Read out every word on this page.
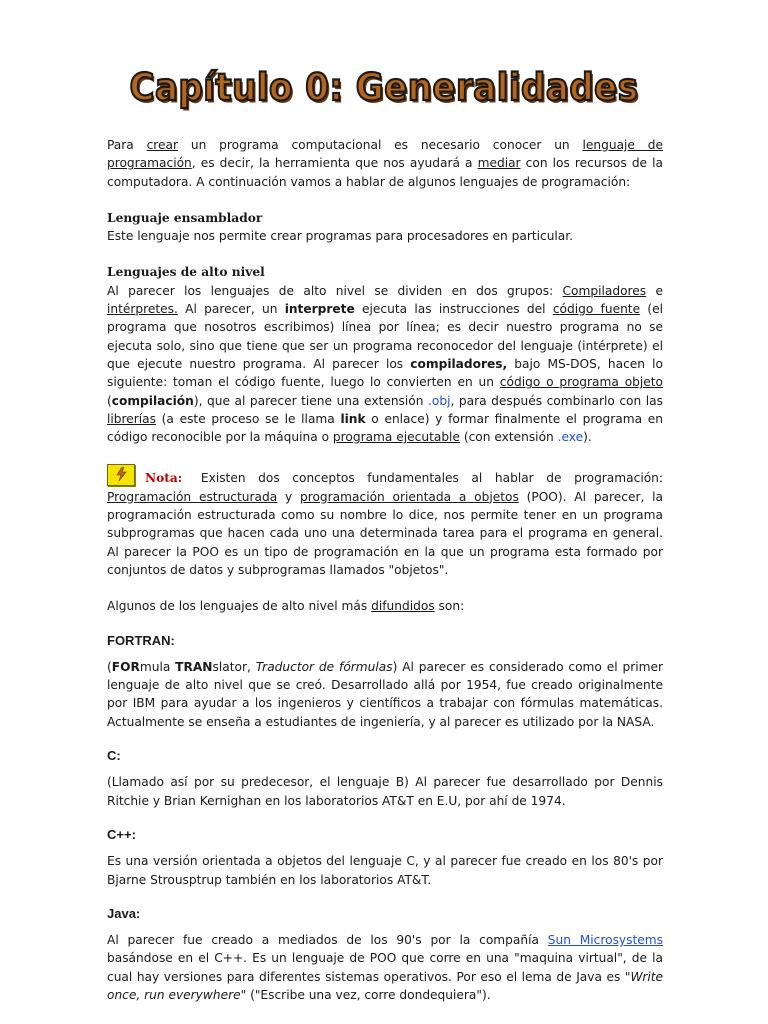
Capítulo 0: Generalidades

Para crear un programa computacional es necesario conocer un lenguaje de programación, es decir, la herramienta que nos ayudará a mediar con los recursos de la computadora. A continuación vamos a hablar de algunos lenguajes de programación:

Lenguaje ensamblador
Este lenguaje nos permite crear programas para procesadores en particular.

Lenguajes de alto nivel
Al parecer los lenguajes de alto nivel se dividen en dos grupos: Compiladores e intérpretes. Al parecer, un interprete ejecuta las instrucciones del código fuente (el programa que nosotros escribimos) línea por línea; es decir nuestro programa no se ejecuta solo, sino que tiene que ser un programa reconocedor del lenguaje (intérprete) el que ejecute nuestro programa. Al parecer los compiladores, bajo MS-DOS, hacen lo siguiente: toman el código fuente, luego lo convierten en un código o programa objeto (compilación), que al parecer tiene una extensión .obj, para después combinarlo con las librerías (a este proceso se le llama link o enlace) y formar finalmente el programa en código reconocible por la máquina o programa ejecutable (con extensión .exe).

Nota: Existen dos conceptos fundamentales al hablar de programación: Programación estructurada y programación orientada a objetos (POO). Al parecer, la programación estructurada como su nombre lo dice, nos permite tener en un programa subprogramas que hacen cada uno una determinada tarea para el programa en general. Al parecer la POO es un tipo de programación en la que un programa esta formado por conjuntos de datos y subprogramas llamados "objetos".

Algunos de los lenguajes de alto nivel más difundidos son:

FORTRAN:

(FORmula TRANslator, Traductor de fórmulas) Al parecer es considerado como el primer lenguaje de alto nivel que se creó. Desarrollado allá por 1954, fue creado originalmente por IBM para ayudar a los ingenieros y científicos a trabajar con fórmulas matemáticas. Actualmente se enseña a estudiantes de ingeniería, y al parecer es utilizado por la NASA.

C:

(Llamado así por su predecesor, el lenguaje B) Al parecer fue desarrollado por Dennis Ritchie y Brian Kernighan en los laboratorios AT&T en E.U, por ahí de 1974.

C++:

Es una versión orientada a objetos del lenguaje C, y al parecer fue creado en los 80's por Bjarne Strousptrup también en los laboratorios AT&T.

Java:

Al parecer fue creado a mediados de los 90's por la compañía Sun Microsystems basándose en el C++. Es un lenguaje de POO que corre en una "maquina virtual", de la cual hay versiones para diferentes sistemas operativos. Por eso el lema de Java es "Write once, run everywhere" ("Escribe una vez, corre dondequiera").
